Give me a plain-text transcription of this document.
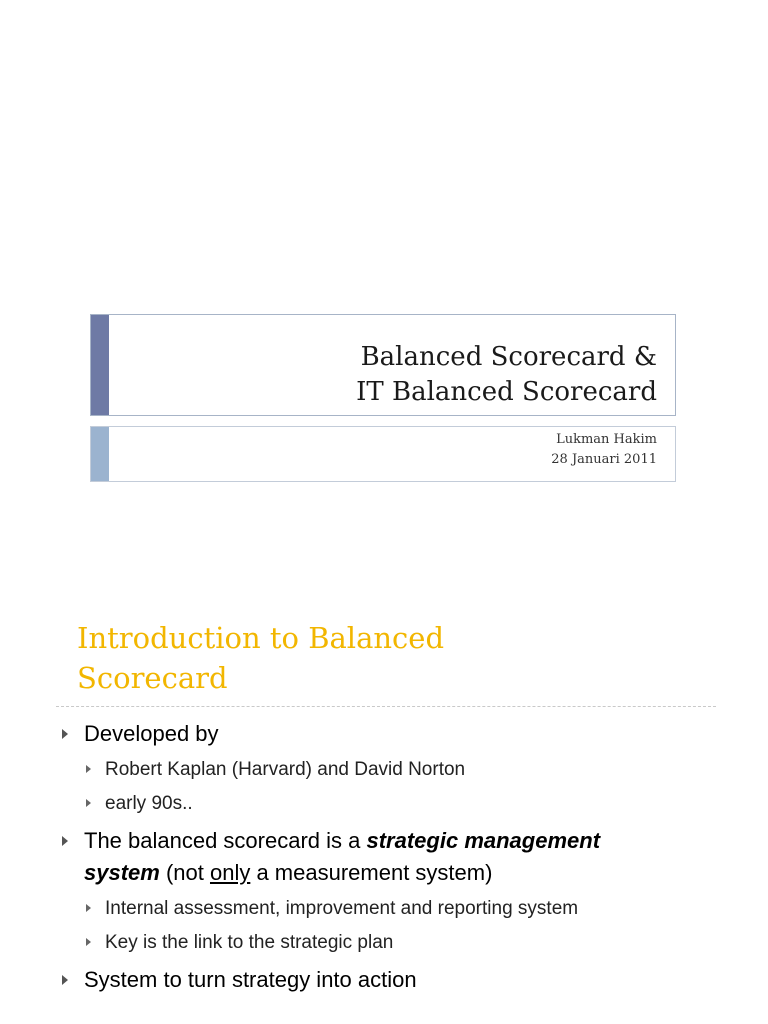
Balanced Scorecard &
IT Balanced Scorecard
Lukman Hakim
28 Januari 2011
Introduction to Balanced
Scorecard
Developed by
Robert Kaplan (Harvard) and David Norton
early 90s..
The balanced scorecard is a strategic management
system (not only a measurement system)
Internal assessment, improvement and reporting system
Key is the link to the strategic plan
System to turn strategy into action
